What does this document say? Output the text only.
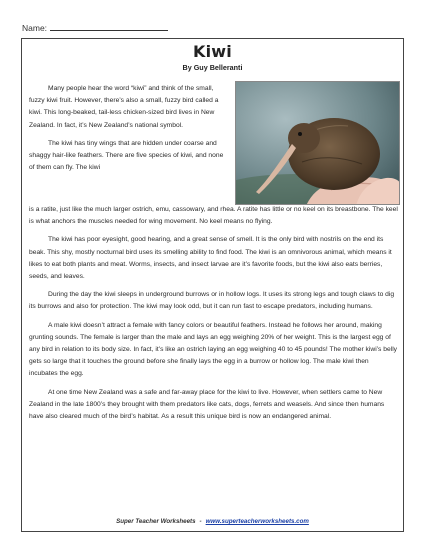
Name:
Kiwi
By Guy Belleranti

Many people hear the word “kiwi” and think of the small, fuzzy kiwi fruit. However, there’s also a small, fuzzy bird called a kiwi. This long-beaked, tail-less chicken-sized bird lives in New Zealand. In fact, it’s New Zealand’s national symbol.

The kiwi has tiny wings that are hidden under coarse and shaggy hair-like feathers. There are five species of kiwi, and none of them can fly. The kiwi

is a ratite, just like the much larger ostrich, emu, cassowary, and rhea. A ratite has little or no keel on its breastbone. The keel is what anchors the muscles needed for wing movement. No keel means no flying.

The kiwi has poor eyesight, good hearing, and a great sense of smell. It is the only bird with nostrils on the end its beak. This shy, mostly nocturnal bird uses its smelling ability to find food. The kiwi is an omnivorous animal, which means it likes to eat both plants and meat. Worms, insects, and insect larvae are it’s favorite foods, but the kiwi also eats berries, seeds, and leaves.

During the day the kiwi sleeps in underground burrows or in hollow logs. It uses its strong legs and tough claws to dig its burrows and also for protection. The kiwi may look odd, but it can run fast to escape predators, including humans.

A male kiwi doesn’t attract a female with fancy colors or beautiful feathers. Instead he follows her around, making grunting sounds. The female is larger than the male and lays an egg weighing 20% of her weight. This is the largest egg of any bird in relation to its body size. In fact, it’s like an ostrich laying an egg weighing 40 to 45 pounds! The mother kiwi’s belly gets so large that it touches the ground before she finally lays the egg in a burrow or hollow log. The male kiwi then incubates the egg.

At one time New Zealand was a safe and far-away place for the kiwi to live. However, when settlers came to New Zealand in the late 1800’s they brought with them predators like cats, dogs, ferrets and weasels. And since then humans have also cleared much of the bird’s habitat. As a result this unique bird is now an endangered animal.

Super Teacher Worksheets - www.superteacherworksheets.com
